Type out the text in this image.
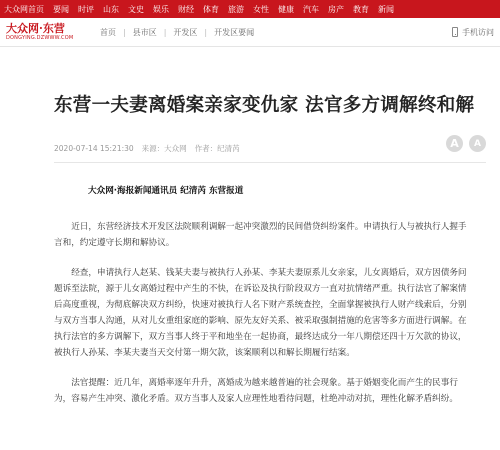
大众网首页 要闻 时评 山东 文史 娱乐 财经 体育 旅游 女性 健康 汽车 房产 教育 新闻
大众网·东营
DONGYING.DZWWW.COM
首页 | 县市区 | 开发区 | 开发区要闻	手机访问
东营一夫妻离婚案亲家变仇家 法官多方调解终和解
2020-07-14 15:21:30 来源：大众网 作者：纪清芮	A	A
大众网·海报新闻通讯员 纪清芮 东营报道

近日，东营经济技术开发区法院顺利调解一起冲突激烈的民间借贷纠纷案件。申请执行人与被执行人握手言和，约定遵守长期和解协议。

经查，申请执行人赵某、钱某夫妻与被执行人孙某、李某夫妻原系儿女亲家，儿女离婚后，双方因债务问题诉至法院，源于儿女离婚过程中产生的不快，在诉讼及执行阶段双方一直对抗情绪严重。执行法官了解案情后高度重视，为彻底解决双方纠纷，快速对被执行人名下财产系统查控，全面掌握被执行人财产线索后，分别与双方当事人沟通，从对儿女重组家庭的影响、原先友好关系、被采取强制措施的危害等多方面进行调解。在执行法官的多方调解下，双方当事人终于平和地坐在一起协商，最终达成分一年八期偿还四十万欠款的协议，被执行人孙某、李某夫妻当天交付第一期欠款，该案顺利以和解长期履行结案。

法官提醒：近几年，离婚率逐年升升，离婚成为越来越普遍的社会现象。基于婚姻变化而产生的民事行为，容易产生冲突、激化矛盾。双方当事人及家人应理性地看待问题，杜绝冲动对抗，理性化解矛盾纠纷。
